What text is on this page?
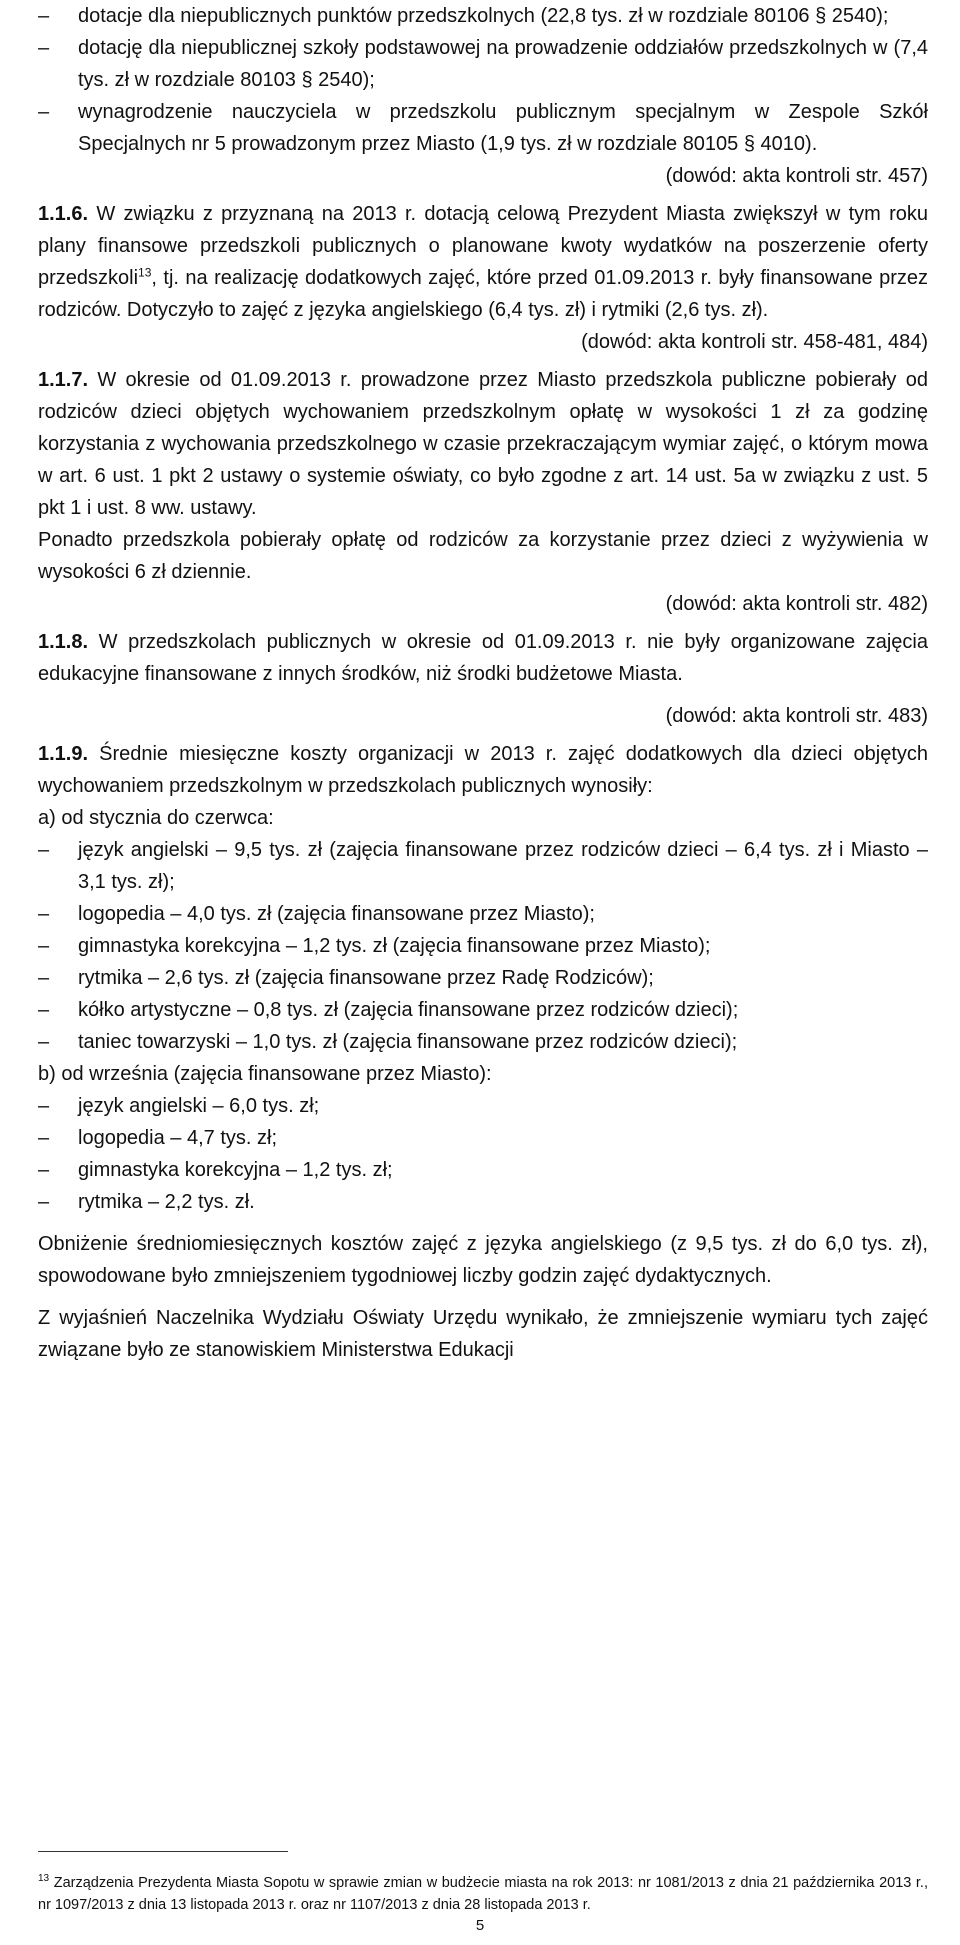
– dotacje dla niepublicznych punktów przedszkolnych (22,8 tys. zł w rozdziale 80106 § 2540);

– dotację dla niepublicznej szkoły podstawowej na prowadzenie oddziałów przedszkolnych w (7,4 tys. zł w rozdziale 80103 § 2540);

– wynagrodzenie nauczyciela w przedszkolu publicznym specjalnym w Zespole Szkół Specjalnych nr 5 prowadzonym przez Miasto (1,9 tys. zł w rozdziale 80105 § 4010).

(dowód: akta kontroli str. 457)

1.1.6. W związku z przyznaną na 2013 r. dotacją celową Prezydent Miasta zwiększył w tym roku plany finansowe przedszkoli publicznych o planowane kwoty wydatków na poszerzenie oferty przedszkoli$^{13}$, tj. na realizację dodatkowych zajęć, które przed 01.09.2013 r. były finansowane przez rodziców. Dotyczyło to zajęć z języka angielskiego (6,4 tys. zł) i rytmiki (2,6 tys. zł).

(dowód: akta kontroli str. 458-481, 484)

1.1.7. W okresie od 01.09.2013 r. prowadzone przez Miasto przedszkola publiczne pobierały od rodziców dzieci objętych wychowaniem przedszkolnym opłatę w wysokości 1 zł za godzinę korzystania z wychowania przedszkolnego w czasie przekraczającym wymiar zajęć, o którym mowa w art. 6 ust. 1 pkt 2 ustawy o systemie oświaty, co było zgodne z art. 14 ust. 5a w związku z ust. 5 pkt 1 i ust. 8 ww. ustawy.

Ponadto przedszkola pobierały opłatę od rodziców za korzystanie przez dzieci z wyżywienia w wysokości 6 zł dziennie.

(dowód: akta kontroli str. 482)

1.1.8. W przedszkolach publicznych w okresie od 01.09.2013 r. nie były organizowane zajęcia edukacyjne finansowane z innych środków, niż środki budżetowe Miasta.

(dowód: akta kontroli str. 483)

1.1.9. Średnie miesięczne koszty organizacji w 2013 r. zajęć dodatkowych dla dzieci objętych wychowaniem przedszkolnym w przedszkolach publicznych wynosiły:

a) od stycznia do czerwca:

– język angielski – 9,5 tys. zł (zajęcia finansowane przez rodziców dzieci – 6,4 tys. zł i Miasto – 3,1 tys. zł);

– logopedia – 4,0 tys. zł (zajęcia finansowane przez Miasto);

– gimnastyka korekcyjna – 1,2 tys. zł (zajęcia finansowane przez Miasto);

– rytmika – 2,6 tys. zł (zajęcia finansowane przez Radę Rodziców);

– kółko artystyczne – 0,8 tys. zł (zajęcia finansowane przez rodziców dzieci);

– taniec towarzyski – 1,0 tys. zł (zajęcia finansowane przez rodziców dzieci);

b) od września (zajęcia finansowane przez Miasto):

– język angielski – 6,0 tys. zł;

– logopedia – 4,7 tys. zł;

– gimnastyka korekcyjna – 1,2 tys. zł;

– rytmika – 2,2 tys. zł.

Obniżenie średniomiesięcznych kosztów zajęć z języka angielskiego (z 9,5 tys. zł do 6,0 tys. zł), spowodowane było zmniejszeniem tygodniowej liczby godzin zajęć dydaktycznych.

Z wyjaśnień Naczelnika Wydziału Oświaty Urzędu wynikało, że zmniejszenie wymiaru tych zajęć związane było ze stanowiskiem Ministerstwa Edukacji

$^{13}$ Zarządzenia Prezydenta Miasta Sopotu w sprawie zmian w budżecie miasta na rok 2013: nr 1081/2013 z dnia 21 października 2013 r., nr 1097/2013 z dnia 13 listopada 2013 r. oraz nr 1107/2013 z dnia 28 listopada 2013 r.

5
